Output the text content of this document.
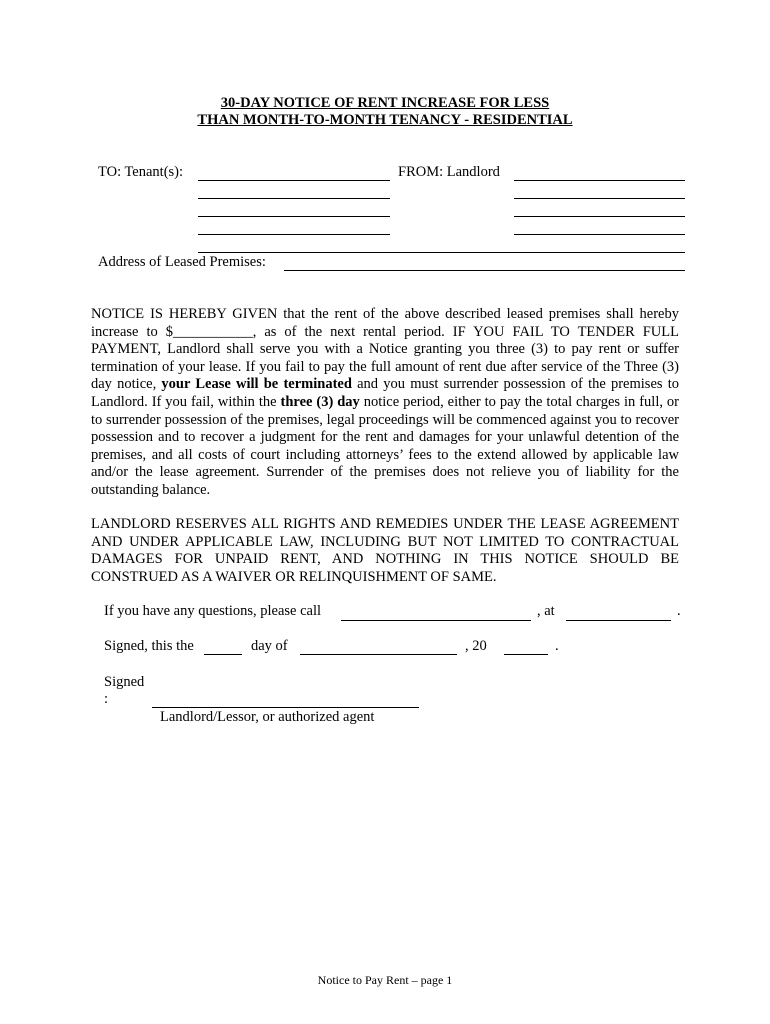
30-DAY NOTICE OF RENT INCREASE FOR LESS
THAN MONTH-TO-MONTH TENANCY - RESIDENTIAL
TO: Tenant(s):	FROM: Landlord
Address of Leased Premises:
NOTICE IS HEREBY GIVEN that the rent of the above described leased premises shall hereby increase to $___________, as of the next rental period. IF YOU FAIL TO TENDER FULL PAYMENT, Landlord shall serve you with a Notice granting you three (3) to pay rent or suffer termination of your lease. If you fail to pay the full amount of rent due after service of the Three (3) day notice, your Lease will be terminated and you must surrender possession of the premises to Landlord. If you fail, within the three (3) day notice period, either to pay the total charges in full, or to surrender possession of the premises, legal proceedings will be commenced against you to recover possession and to recover a judgment for the rent and damages for your unlawful detention of the premises, and all costs of court including attorneys’ fees to the extend allowed by applicable law and/or the lease agreement. Surrender of the premises does not relieve you of liability for the outstanding balance.
LANDLORD RESERVES ALL RIGHTS AND REMEDIES UNDER THE LEASE AGREEMENT AND UNDER APPLICABLE LAW, INCLUDING BUT NOT LIMITED TO CONTRACTUAL DAMAGES FOR UNPAID RENT, AND NOTHING IN THIS NOTICE SHOULD BE CONSTRUED AS A WAIVER OR RELINQUISHMENT OF SAME.
If you have any questions, please call	, at	.
Signed, this the	day of	, 20	.
Signed
:
Landlord/Lessor, or authorized agent
Notice to Pay Rent – page 1
